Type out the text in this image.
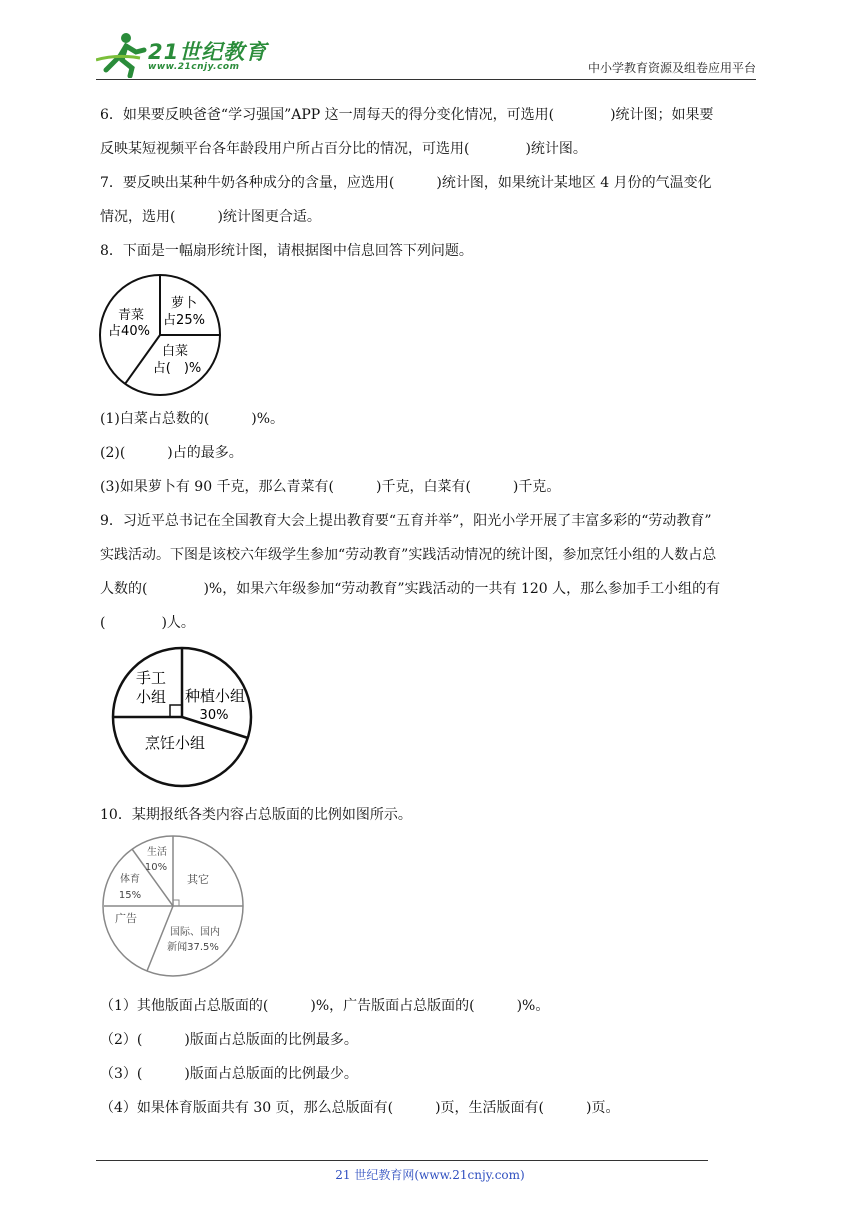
21世纪教育
www.21cnjy.com	中小学教育资源及组卷应用平台
6．如果要反映爸爸“学习强国”APP 这一周每天的得分变化情况，可选用(　　　　)统计图；如果要
反映某短视频平台各年龄段用户所占百分比的情况，可选用(　　　　)统计图。
7．要反映出某种牛奶各种成分的含量，应选用(　　　)统计图，如果统计某地区 4 月份的气温变化
情况，选用(　　　)统计图更合适。
8．下面是一幅扇形统计图，请根据图中信息回答下列问题。
青菜
占40%
萝卜
占25%
白菜
占(　)%
(1)白菜占总数的(　　　)%。
(2)(　　　)占的最多。
(3)如果萝卜有 90 千克，那么青菜有(　　　)千克，白菜有(　　　)千克。
9．习近平总书记在全国教育大会上提出教育要“五育并举”，阳光小学开展了丰富多彩的“劳动教育”
实践活动。下图是该校六年级学生参加“劳动教育”实践活动情况的统计图，参加烹饪小组的人数占总
人数的(　　　　)%，如果六年级参加“劳动教育”实践活动的一共有 120 人，那么参加手工小组的有
(　　　　)人。
手工
小组 种植小组
30%
烹饪小组
10．某期报纸各类内容占总版面的比例如图所示。
生活
10%
体育
15%
其它
广告
国际、国内
新闻37.5%
（1）其他版面占总版面的(　　　)%，广告版面占总版面的(　　　)%。
（2）(　　　)版面占总版面的比例最多。
（3）(　　　)版面占总版面的比例最少。
（4）如果体育版面共有 30 页，那么总版面有(　　　)页，生活版面有(　　　)页。
21 世纪教育网(www.21cnjy.com)
